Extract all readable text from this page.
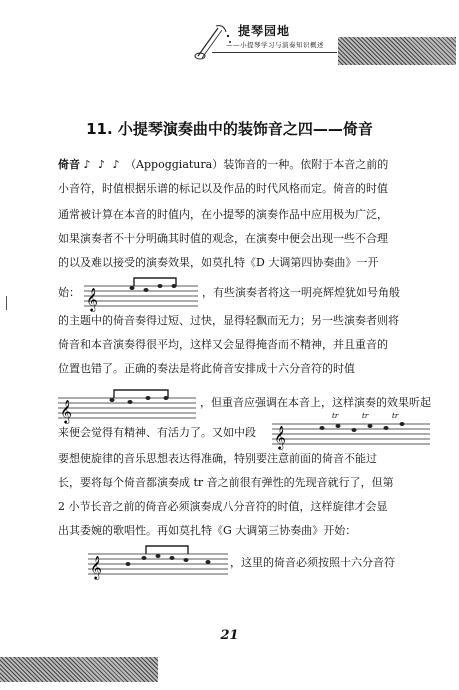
提琴园地
——小提琴学习与演奏知识概述
11. 小提琴演奏曲中的装饰音之四——倚音
倚音 ♪ ♪ ♪ （Appoggiatura）装饰音的一种。依附于本音之前的
小音符，时值根据乐谱的标记以及作品的时代风格而定。倚音的时值
通常被计算在本音的时值内，在小提琴的演奏作品中应用极为广泛，
如果演奏者不十分明确其时值的观念，在演奏中便会出现一些不合理
的以及难以接受的演奏效果，如莫扎特《D 大调第四协奏曲》一开
始： 𝄞	，有些演奏者将这一明亮辉煌犹如号角般
的主题中的倚音奏得过短、过快，显得轻飘而无力；另一些演奏者则将
倚音和本音演奏得很平均，这样又会显得掩沓而不精神，并且重音的
位置也错了。正确的奏法是将此倚音安排成十六分音符的时值
𝄞	，但重音应强调在本音上，这样演奏的效果听起
来便会觉得有精神、有活力了。又如中段 𝄞
tr	tr	tr
要想使旋律的音乐思想表达得准确，特别要注意前面的倚音不能过
长，要将每个倚音都演奏成 tr 音之前很有弹性的先现音就行了，但第
2 小节长音之前的倚音必须演奏成八分音符的时值，这样旋律才会显
出其委婉的歌唱性。再如莫扎特《G 大调第三协奏曲》开始：
𝄞	，这里的倚音必须按照十六分音符
21
